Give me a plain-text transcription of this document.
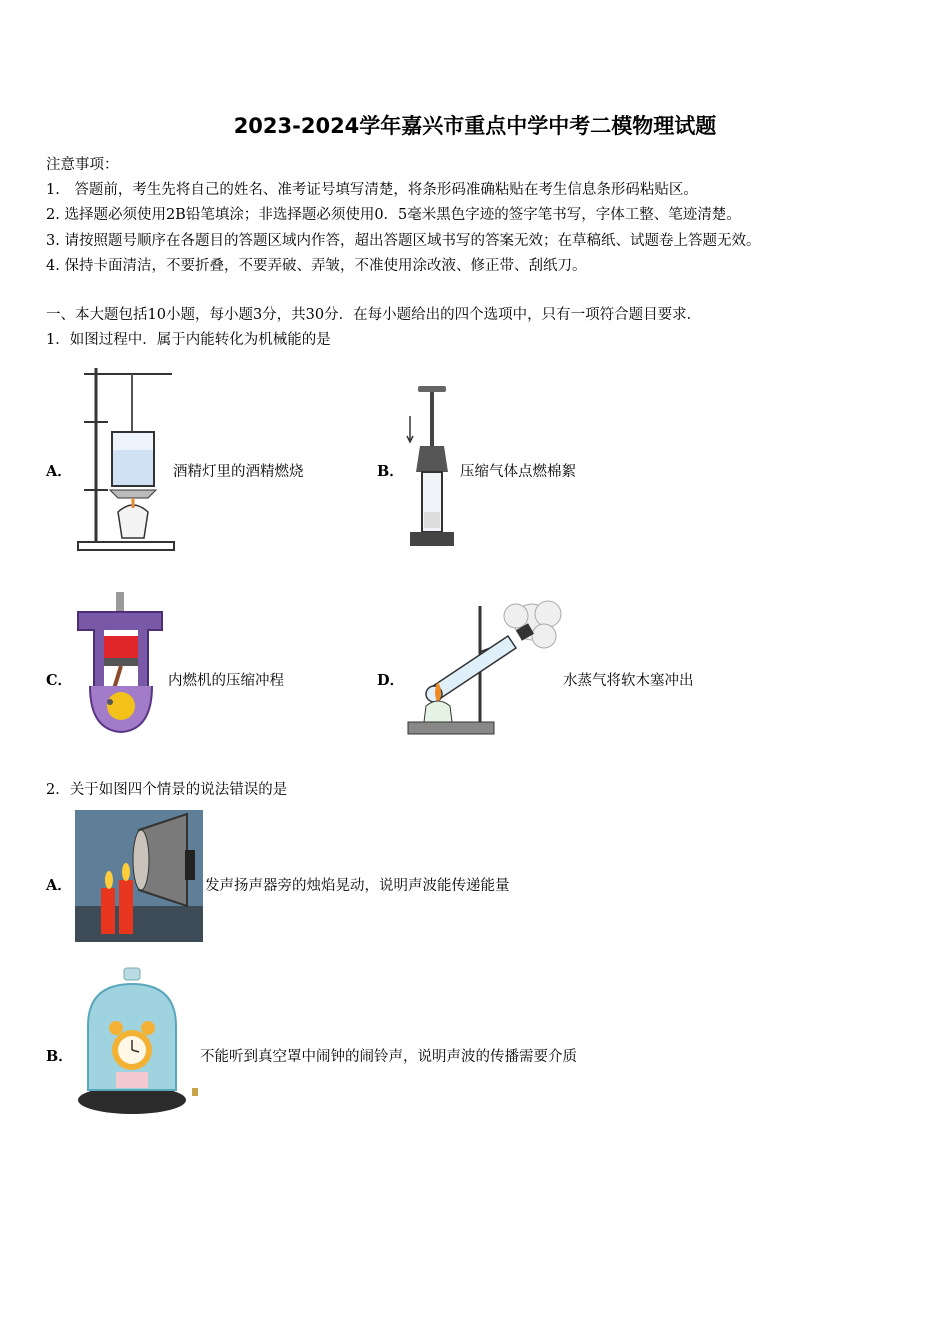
2023-2024学年嘉兴市重点中学中考二模物理试题
注意事项：
1.　答题前，考生先将自己的姓名、准考证号填写清楚，将条形码准确粘贴在考生信息条形码粘贴区。
2. 选择题必须使用2B铅笔填涂；非选择题必须使用0．5毫米黑色字迹的签字笔书写，字体工整、笔迹清楚。
3. 请按照题号顺序在各题目的答题区域内作答，超出答题区域书写的答案无效；在草稿纸、试题卷上答题无效。
4. 保持卡面清洁，不要折叠，不要弄破、弄皱，不准使用涂改液、修正带、刮纸刀。
一、本大题包括10小题，每小题3分，共30分．在每小题给出的四个选项中，只有一项符合题目要求．
1．如图过程中．属于内能转化为机械能的是
A．	酒精灯里的酒精燃烧	B．	压缩气体点燃棉絮
C．	内燃机的压缩冲程	D．	水蒸气将软木塞冲出
2．关于如图四个情景的说法错误的是
A．	发声扬声器旁的烛焰晃动，说明声波能传递能量
B．	不能听到真空罩中闹钟的闹铃声，说明声波的传播需要介质
